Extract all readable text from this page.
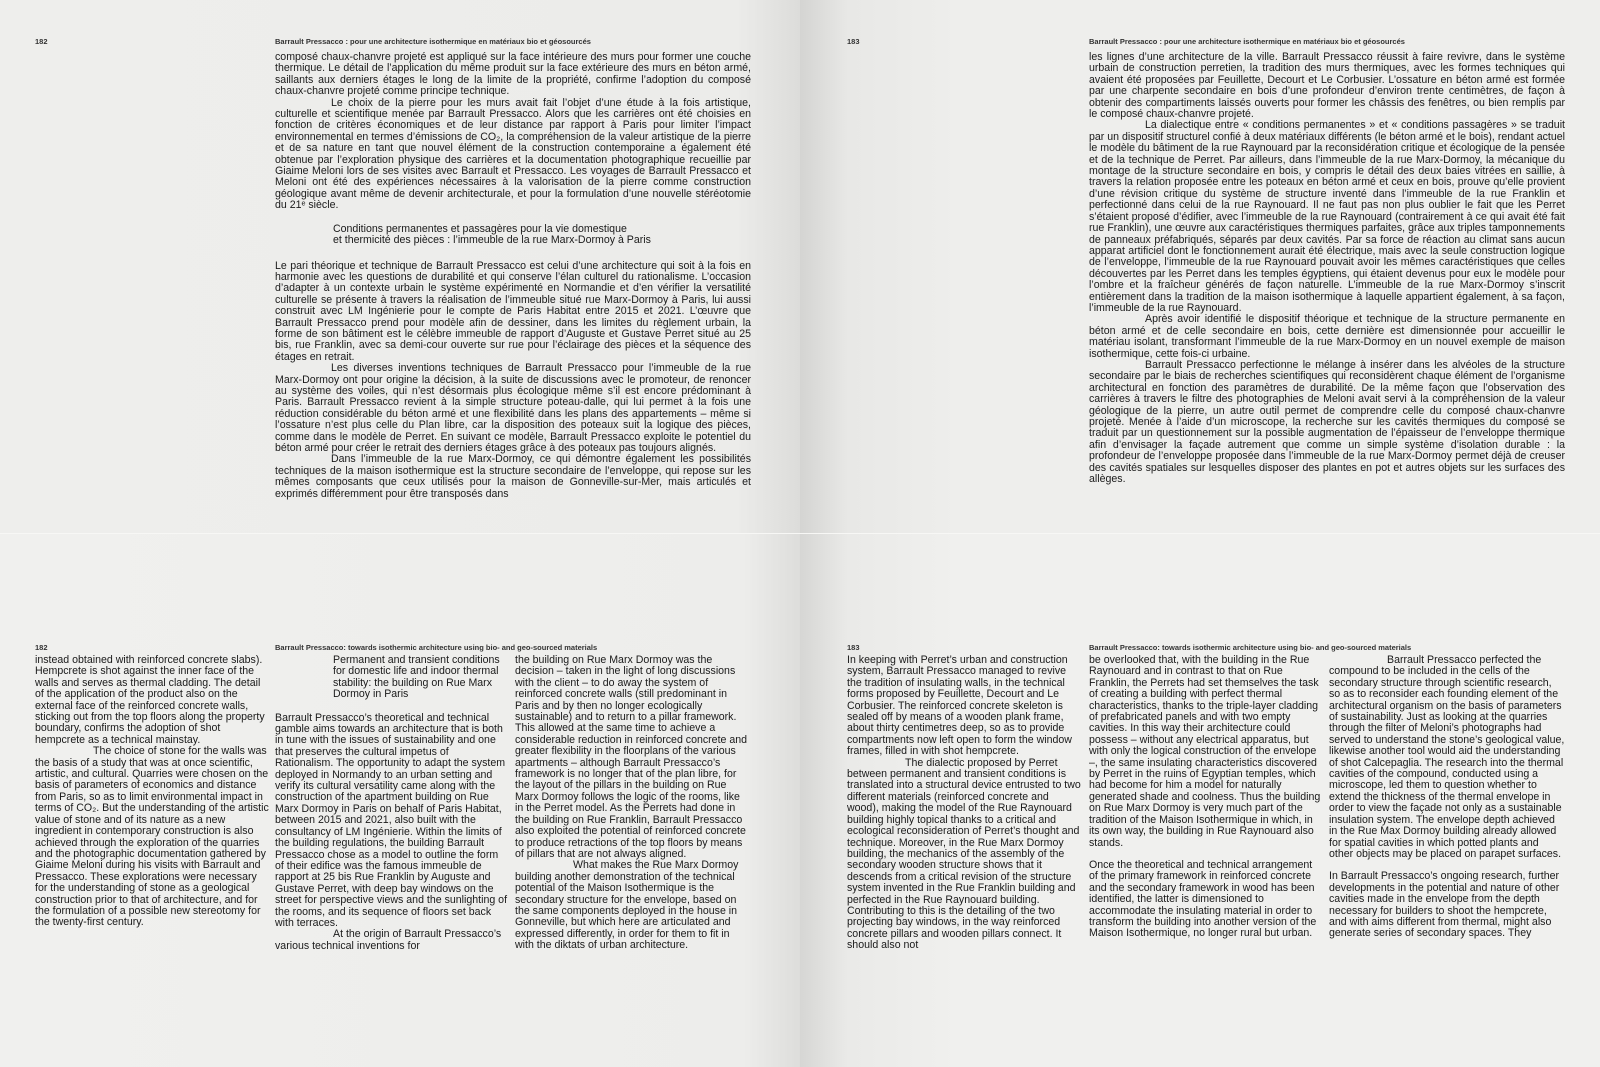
182	Barrault Pressacco : pour une architecture isothermique en matériaux bio et géosourcés

composé chaux-chanvre projeté est appliqué sur la face intérieure des murs pour former une couche thermique. Le détail de l’application du même produit sur la face extérieure des murs en béton armé, saillants aux derniers étages le long de la limite de la propriété, confirme l’adoption du composé chaux-chanvre projeté comme principe technique.

Le choix de la pierre pour les murs avait fait l’objet d’une étude à la fois artistique, culturelle et scientifique menée par Barrault Pressacco. Alors que les carrières ont été choisies en fonction de critères économiques et de leur distance par rapport à Paris pour limiter l’impact environnemental en termes d’émissions de CO₂, la compréhension de la valeur artistique de la pierre et de sa nature en tant que nouvel élément de la construction contemporaine a également été obtenue par l’exploration physique des carrières et la documentation photographique recueillie par Giaime Meloni lors de ses visites avec Barrault et Pressacco. Les voyages de Barrault Pressacco et Meloni ont été des expériences nécessaires à la valorisation de la pierre comme construction géologique avant même de devenir architecturale, et pour la formulation d’une nouvelle stéréotomie du 21ᵉ siècle.

Conditions permanentes et passagères pour la vie domestique
et thermicité des pièces : l’immeuble de la rue Marx-Dormoy à Paris

Le pari théorique et technique de Barrault Pressacco est celui d’une architecture qui soit à la fois en harmonie avec les questions de durabilité et qui conserve l’élan culturel du rationalisme. L’occasion d’adapter à un contexte urbain le système expérimenté en Normandie et d’en vérifier la versatilité culturelle se présente à travers la réalisation de l’immeuble situé rue Marx-Dormoy à Paris, lui aussi construit avec LM Ingénierie pour le compte de Paris Habitat entre 2015 et 2021. L’œuvre que Barrault Pressacco prend pour modèle afin de dessiner, dans les limites du règlement urbain, la forme de son bâtiment est le célèbre immeuble de rapport d’Auguste et Gustave Perret situé au 25 bis, rue Franklin, avec sa demi-cour ouverte sur rue pour l’éclairage des pièces et la séquence des étages en retrait.

Les diverses inventions techniques de Barrault Pressacco pour l’immeuble de la rue Marx-Dormoy ont pour origine la décision, à la suite de discussions avec le promoteur, de renoncer au système des voiles, qui n’est désormais plus écologique même s’il est encore prédominant à Paris. Barrault Pressacco revient à la simple structure poteau-dalle, qui lui permet à la fois une réduction considérable du béton armé et une flexibilité dans les plans des appartements – même si l’ossature n’est plus celle du Plan libre, car la disposition des poteaux suit la logique des pièces, comme dans le modèle de Perret. En suivant ce modèle, Barrault Pressacco exploite le potentiel du béton armé pour créer le retrait des derniers étages grâce à des poteaux pas toujours alignés.

Dans l’immeuble de la rue Marx-Dormoy, ce qui démontre également les possibilités techniques de la maison isothermique est la structure secondaire de l’enveloppe, qui repose sur les mêmes composants que ceux utilisés pour la maison de Gonneville-sur-Mer, mais articulés et exprimés différemment pour être transposés dans

183	Barrault Pressacco : pour une architecture isothermique en matériaux bio et géosourcés

les lignes d’une architecture de la ville. Barrault Pressacco réussit à faire revivre, dans le système urbain de construction perretien, la tradition des murs thermiques, avec les formes techniques qui avaient été proposées par Feuillette, Decourt et Le Corbusier. L’ossature en béton armé est formée par une charpente secondaire en bois d’une profondeur d’environ trente centimètres, de façon à obtenir des compartiments laissés ouverts pour former les châssis des fenêtres, ou bien remplis par le composé chaux-chanvre projeté.

La dialectique entre « conditions permanentes » et « conditions passagères » se traduit par un dispositif structurel confié à deux matériaux différents (le béton armé et le bois), rendant actuel le modèle du bâtiment de la rue Raynouard par la reconsidération critique et écologique de la pensée et de la technique de Perret. Par ailleurs, dans l’immeuble de la rue Marx-Dormoy, la mécanique du montage de la structure secondaire en bois, y compris le détail des deux baies vitrées en saillie, à travers la relation proposée entre les poteaux en béton armé et ceux en bois, prouve qu’elle provient d’une révision critique du système de structure inventé dans l’immeuble de la rue Franklin et perfectionné dans celui de la rue Raynouard. Il ne faut pas non plus oublier le fait que les Perret s’étaient proposé d’édifier, avec l’immeuble de la rue Raynouard (contrairement à ce qui avait été fait rue Franklin), une œuvre aux caractéristiques thermiques parfaites, grâce aux triples tamponnements de panneaux préfabriqués, séparés par deux cavités. Par sa force de réaction au climat sans aucun apparat artificiel dont le fonctionnement aurait été électrique, mais avec la seule construction logique de l’enveloppe, l’immeuble de la rue Raynouard pouvait avoir les mêmes caractéristiques que celles découvertes par les Perret dans les temples égyptiens, qui étaient devenus pour eux le modèle pour l’ombre et la fraîcheur générés de façon naturelle. L’immeuble de la rue Marx-Dormoy s’inscrit entièrement dans la tradition de la maison isothermique à laquelle appartient également, à sa façon, l’immeuble de la rue Raynouard.

Après avoir identifié le dispositif théorique et technique de la structure permanente en béton armé et de celle secondaire en bois, cette dernière est dimensionnée pour accueillir le matériau isolant, transformant l’immeuble de la rue Marx-Dormoy en un nouvel exemple de maison isothermique, cette fois-ci urbaine.

Barrault Pressacco perfectionne le mélange à insérer dans les alvéoles de la structure secondaire par le biais de recherches scientifiques qui reconsidèrent chaque élément de l’organisme architectural en fonction des paramètres de durabilité. De la même façon que l’observation des carrières à travers le filtre des photographies de Meloni avait servi à la compréhension de la valeur géologique de la pierre, un autre outil permet de comprendre celle du composé chaux-chanvre projeté. Menée à l’aide d’un microscope, la recherche sur les cavités thermiques du composé se traduit par un questionnement sur la possible augmentation de l’épaisseur de l’enveloppe thermique afin d’envisager la façade autrement que comme un simple système d’isolation durable : la profondeur de l’enveloppe proposée dans l’immeuble de la rue Marx-Dormoy permet déjà de creuser des cavités spatiales sur lesquelles disposer des plantes en pot et autres objets sur les surfaces des allèges.

182	Barrault Pressacco: towards isothermic architecture using bio- and geo-sourced materials

instead obtained with reinforced concrete slabs). Hempcrete is shot against the inner face of the walls and serves as thermal cladding. The detail of the application of the product also on the external face of the reinforced concrete walls, sticking out from the top floors along the property boundary, confirms the adoption of shot hempcrete as a technical mainstay.

The choice of stone for the walls was the basis of a study that was at once scientific, artistic, and cultural. Quarries were chosen on the basis of parameters of economics and distance from Paris, so as to limit environmental impact in terms of CO₂. But the understanding of the artistic value of stone and of its nature as a new ingredient in contemporary construction is also achieved through the exploration of the quarries and the photographic documentation gathered by Giaime Meloni during his visits with Barrault and Pressacco. These explorations were necessary for the understanding of stone as a geological construction prior to that of architecture, and for the formulation of a possible new stereotomy for the twenty-first century.

Permanent and transient conditions for domestic life and indoor thermal stability: the building on Rue Marx Dormoy in Paris

Barrault Pressacco’s theoretical and technical gamble aims towards an architecture that is both in tune with the issues of sustainability and one that preserves the cultural impetus of Rationalism. The opportunity to adapt the system deployed in Normandy to an urban setting and verify its cultural versatility came along with the construction of the apartment building on Rue Marx Dormoy in Paris on behalf of Paris Habitat, between 2015 and 2021, also built with the consultancy of LM Ingénierie. Within the limits of the building regulations, the building Barrault Pressacco chose as a model to outline the form of their edifice was the famous immeuble de rapport at 25 bis Rue Franklin by Auguste and Gustave Perret, with deep bay windows on the street for perspective views and the sunlighting of the rooms, and its sequence of floors set back with terraces.

At the origin of Barrault Pressacco’s various technical inventions for

the building on Rue Marx Dormoy was the decision – taken in the light of long discussions with the client – to do away the system of reinforced concrete walls (still predominant in Paris and by then no longer ecologically sustainable) and to return to a pillar framework. This allowed at the same time to achieve a considerable reduction in reinforced concrete and greater flexibility in the floorplans of the various apartments – although Barrault Pressacco’s framework is no longer that of the plan libre, for the layout of the pillars in the building on Rue Marx Dormoy follows the logic of the rooms, like in the Perret model. As the Perrets had done in the building on Rue Franklin, Barrault Pressacco also exploited the potential of reinforced concrete to produce retractions of the top floors by means of pillars that are not always aligned.

What makes the Rue Marx Dormoy building another demonstration of the technical potential of the Maison Isothermique is the secondary structure for the envelope, based on the same components deployed in the house in Gonneville, but which here are articulated and expressed differently, in order for them to fit in with the diktats of urban architecture.

183	Barrault Pressacco: towards isothermic architecture using bio- and geo-sourced materials

In keeping with Perret’s urban and construction system, Barrault Pressacco managed to revive the tradition of insulating walls, in the technical forms proposed by Feuillette, Decourt and Le Corbusier. The reinforced concrete skeleton is sealed off by means of a wooden plank frame, about thirty centimetres deep, so as to provide compartments now left open to form the window frames, filled in with shot hempcrete.

The dialectic proposed by Perret between permanent and transient conditions is translated into a structural device entrusted to two different materials (reinforced concrete and wood), making the model of the Rue Raynouard building highly topical thanks to a critical and ecological reconsideration of Perret’s thought and technique. Moreover, in the Rue Marx Dormoy building, the mechanics of the assembly of the secondary wooden structure shows that it descends from a critical revision of the structure system invented in the Rue Franklin building and perfected in the Rue Raynouard building. Contributing to this is the detailing of the two projecting bay windows, in the way reinforced concrete pillars and wooden pillars connect. It should also not

be overlooked that, with the building in the Rue Raynouard and in contrast to that on Rue Franklin, the Perrets had set themselves the task of creating a building with perfect thermal characteristics, thanks to the triple-layer cladding of prefabricated panels and with two empty cavities. In this way their architecture could possess – without any electrical apparatus, but with only the logical construction of the envelope –, the same insulating characteristics discovered by Perret in the ruins of Egyptian temples, which had become for him a model for naturally generated shade and coolness. Thus the building on Rue Marx Dormoy is very much part of the tradition of the Maison Isothermique in which, in its own way, the building in Rue Raynouard also stands.

Once the theoretical and technical arrangement of the primary framework in reinforced concrete and the secondary framework in wood has been identified, the latter is dimensioned to accommodate the insulating material in order to transform the building into another version of the Maison Isothermique, no longer rural but urban.

Barrault Pressacco perfected the compound to be included in the cells of the secondary structure through scientific research, so as to reconsider each founding element of the architectural organism on the basis of parameters of sustainability. Just as looking at the quarries through the filter of Meloni’s photographs had served to understand the stone’s geological value, likewise another tool would aid the understanding of shot Calcepaglia. The research into the thermal cavities of the compound, conducted using a microscope, led them to question whether to extend the thickness of the thermal envelope in order to view the façade not only as a sustainable insulation system. The envelope depth achieved in the Rue Max Dormoy building already allowed for spatial cavities in which potted plants and other objects may be placed on parapet surfaces.

In Barrault Pressacco’s ongoing research, further developments in the potential and nature of other cavities made in the envelope from the depth necessary for builders to shoot the hempcrete, and with aims different from thermal, might also generate series of secondary spaces. They
